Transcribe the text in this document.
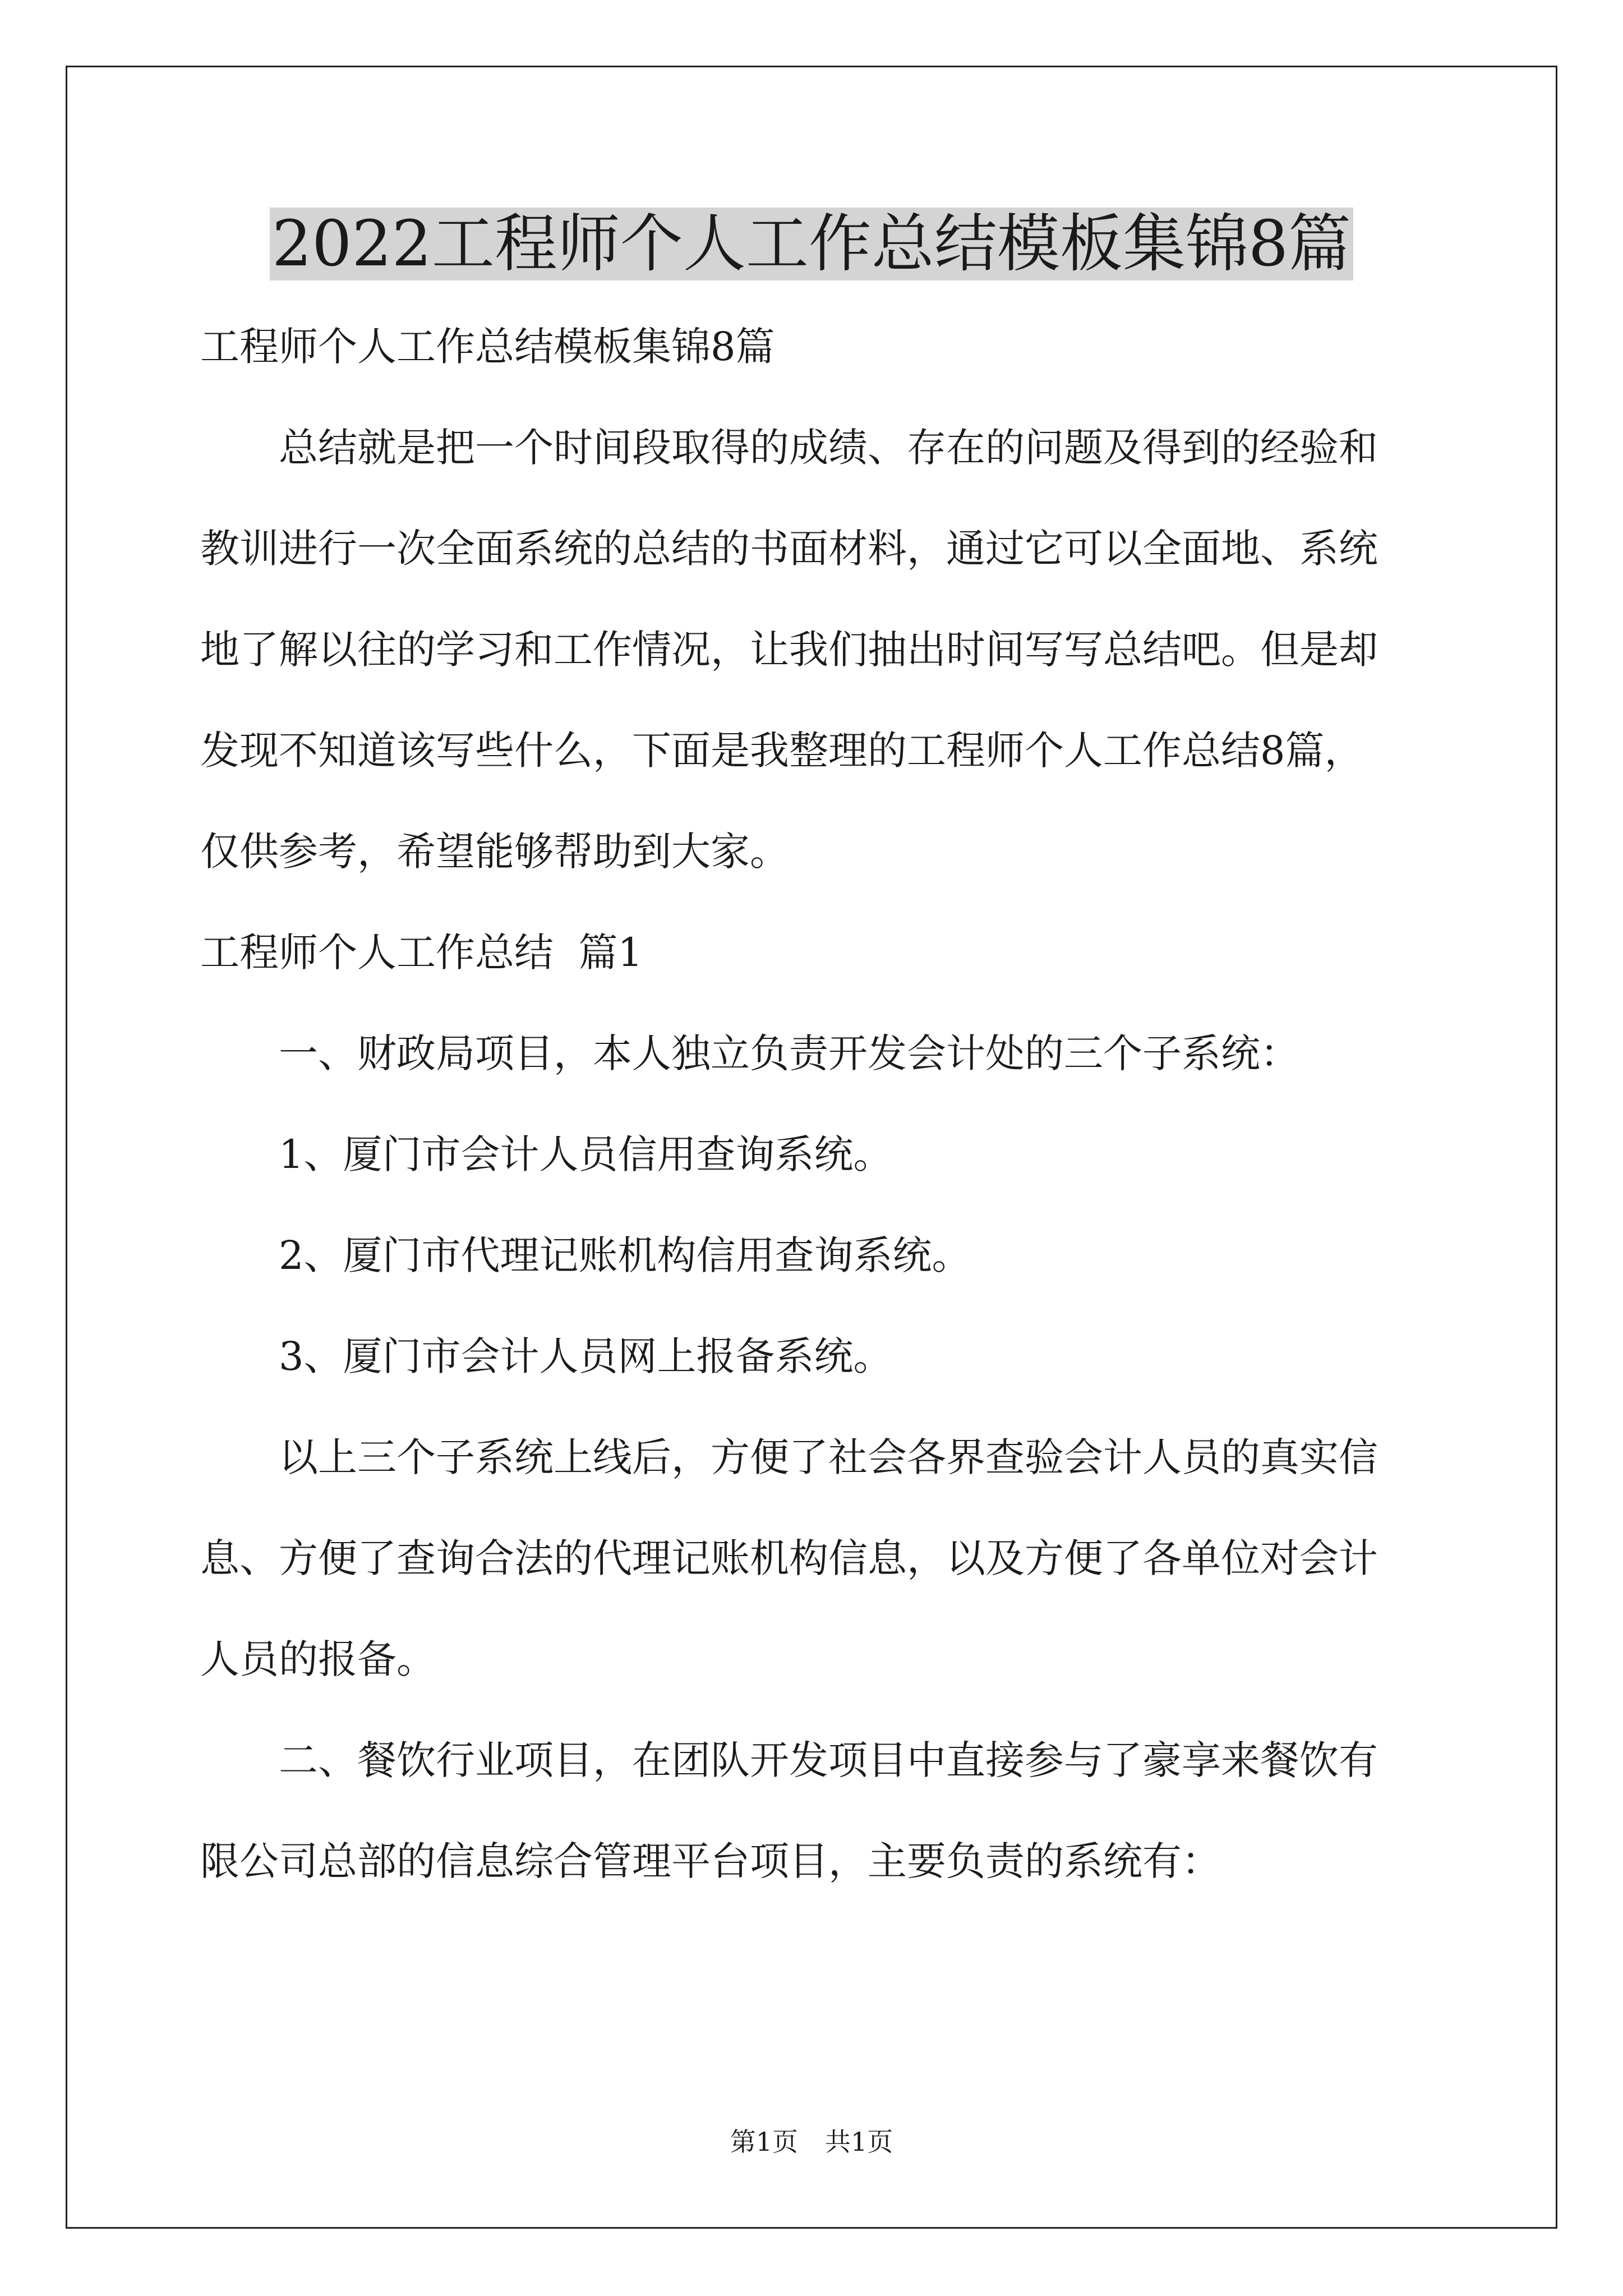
2022工程师个人工作总结模板集锦8篇

工程师个人工作总结模板集锦8篇

总结就是把一个时间段取得的成绩、存在的问题及得到的经验和

教训进行一次全面系统的总结的书面材料，通过它可以全面地、系统

地了解以往的学习和工作情况，让我们抽出时间写写总结吧。但是却

发现不知道该写些什么，下面是我整理的工程师个人工作总结8篇，

仅供参考，希望能够帮助到大家。

工程师个人工作总结  篇1

一、财政局项目，本人独立负责开发会计处的三个子系统：

1、厦门市会计人员信用查询系统。

2、厦门市代理记账机构信用查询系统。

3、厦门市会计人员网上报备系统。

以上三个子系统上线后，方便了社会各界查验会计人员的真实信

息、方便了查询合法的代理记账机构信息，以及方便了各单位对会计

人员的报备。

二、餐饮行业项目，在团队开发项目中直接参与了豪享来餐饮有

限公司总部的信息综合管理平台项目，主要负责的系统有：

第1页 共1页
